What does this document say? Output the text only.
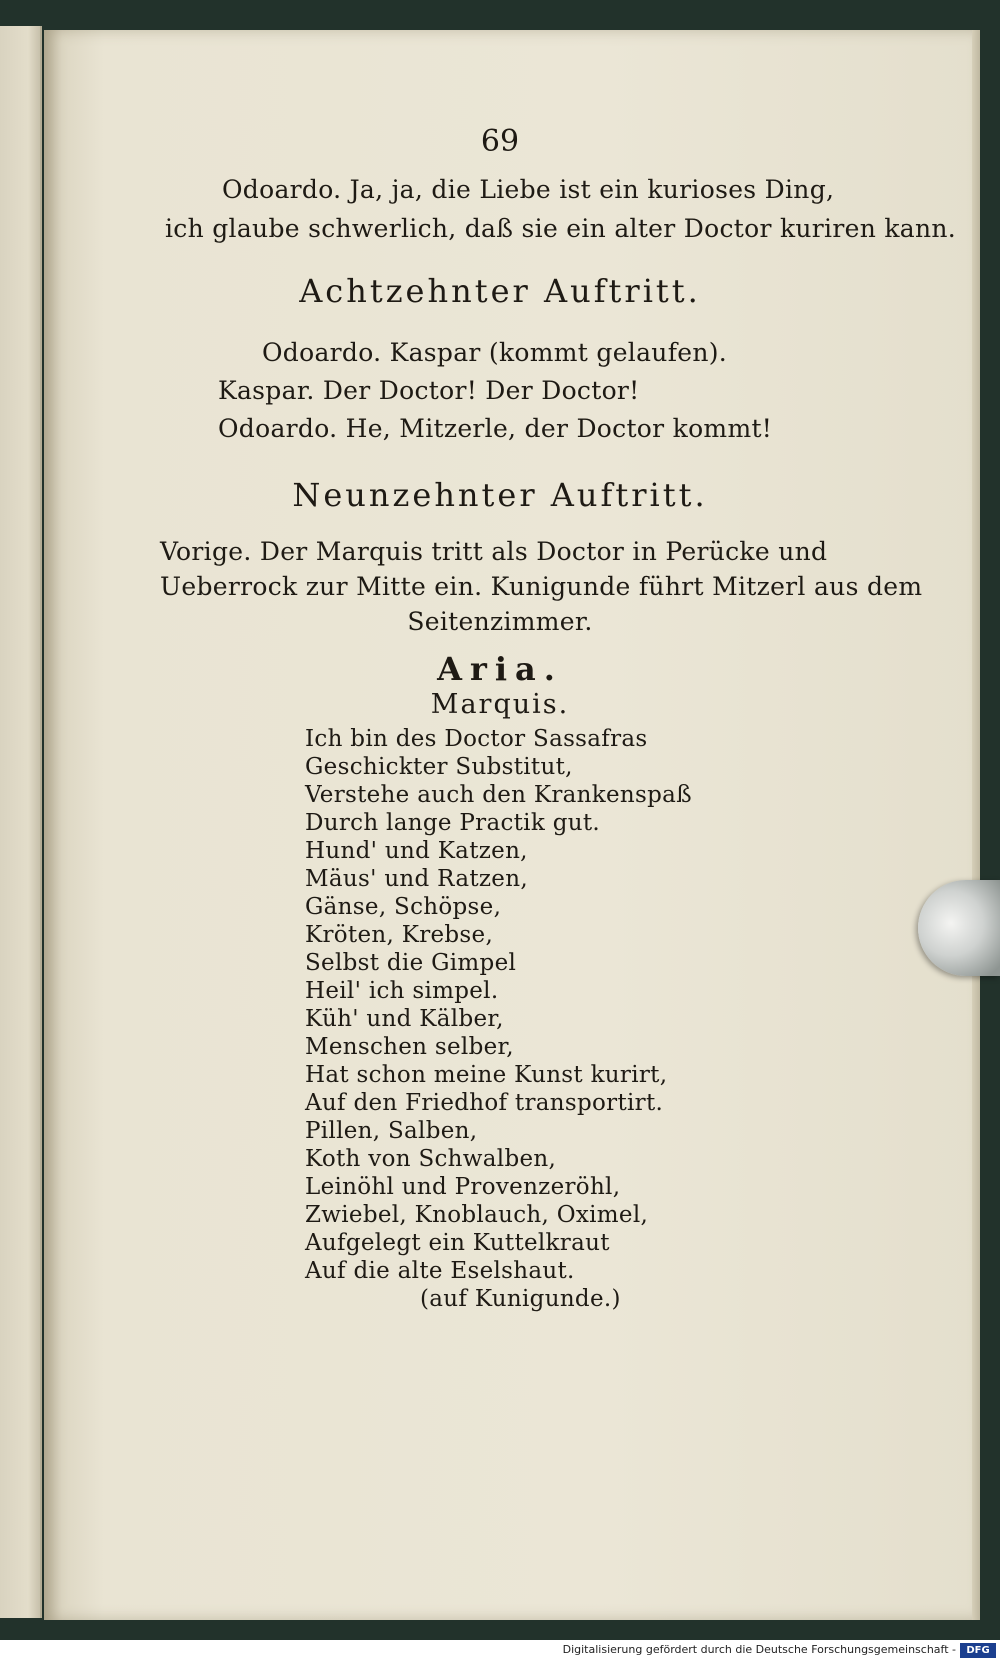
69
Odoardo. Ja, ja, die Liebe ist ein kurioses Ding,
ich glaube schwerlich, daß sie ein alter Doctor kuriren kann.
Achtzehnter Auftritt.
Odoardo. Kaspar (kommt gelaufen).
Kaspar. Der Doctor! Der Doctor!
Odoardo. He, Mitzerle, der Doctor kommt!
Neunzehnter Auftritt.
Vorige. Der Marquis tritt als Doctor in Perücke und
Ueberrock zur Mitte ein. Kunigunde führt Mitzerl aus dem
Seitenzimmer.
Aria.
Marquis.
Ich bin des Doctor Sassafras
Geschickter Substitut,
Verstehe auch den Krankenspaß
Durch lange Practik gut.
Hund' und Katzen,
Mäus' und Ratzen,
Gänse, Schöpse,
Kröten, Krebse,
Selbst die Gimpel
Heil' ich simpel.
Küh' und Kälber,
Menschen selber,
Hat schon meine Kunst kurirt,
Auf den Friedhof transportirt.
Pillen, Salben,
Koth von Schwalben,
Leinöhl und Provenzeröhl,
Zwiebel, Knoblauch, Oximel,
Aufgelegt ein Kuttelkraut
Auf die alte Eselshaut.
(auf Kunigunde.)
Digitalisierung gefördert durch die Deutsche Forschungsgemeinschaft -	DFG
